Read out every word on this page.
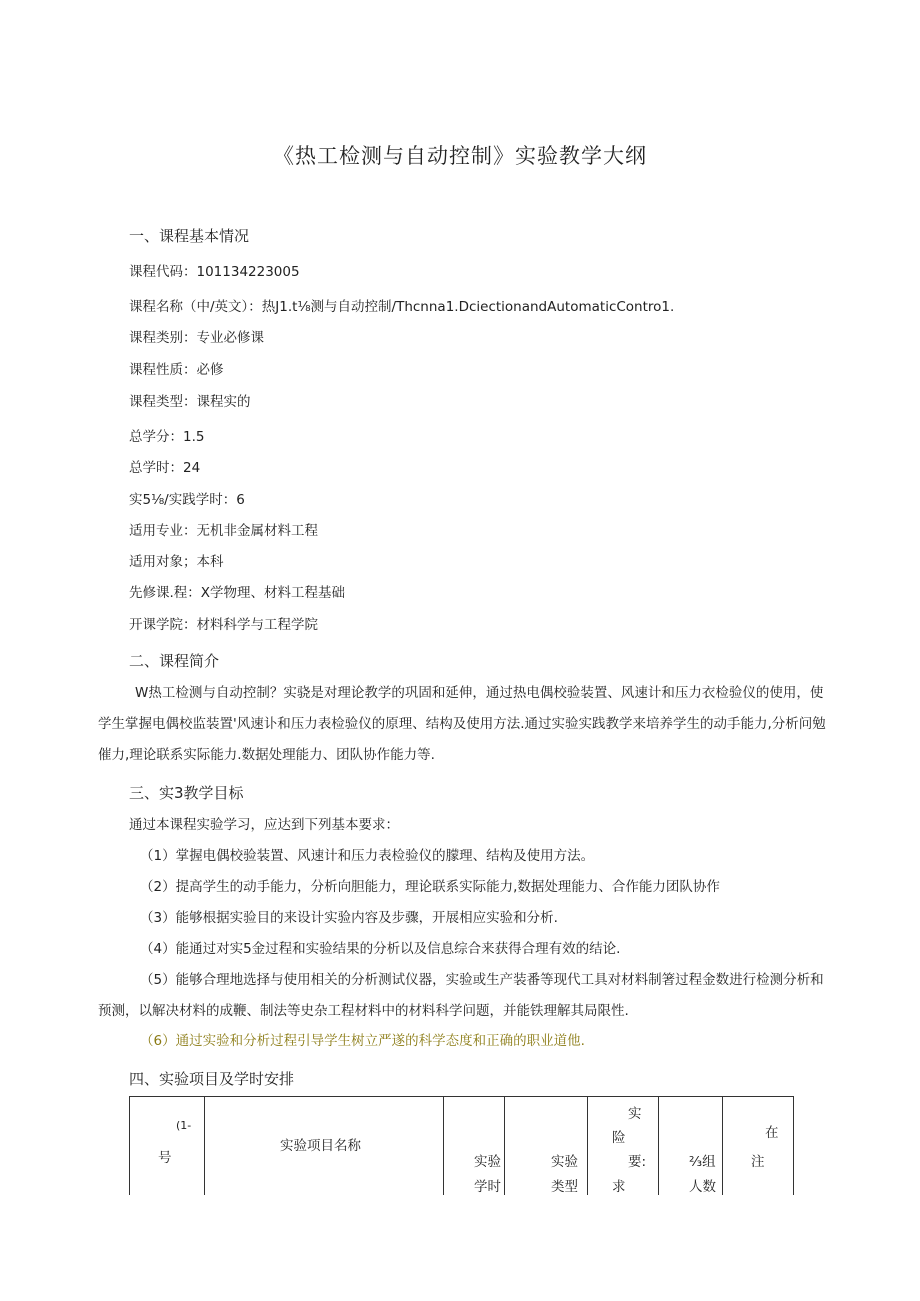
《热工检测与自动控制》实验教学大纲
一、课程基本情况
课程代码：101134223005
课程名称（中/英文）：热J1.t⅛测与自动控制/Thcnna1.DciectionandAutomaticContro1.
课程类别：专业必修课
课程性质：必修
课程类型：课程实的
总学分：1.5
总学时：24
实5⅛/实践学时：6
适用专业：无机非金属材料工程
适用对象；本科
先修课.程：X学物理、材料工程基础
开课学院：材料科学与工程学院
二、课程简介
W热工检测与自动控制？实骁是对理论教学的巩固和延伸，通过热电偶校验装置、风速计和压力衣检验仪的使用，使学生掌握电偶校监装置'风速讣和压力表检验仪的原理、结构及使用方法.通过实验实践教学来培养学生的动手能力,分析问勉催力,理论联系实际能力.数据处理能力、团队协作能力等.
三、实3教学目标
通过本课程实验学习，应达到下列基本要求：
（1）掌握电偶校验装置、风速计和压力表检验仪的朦理、结构及使用方法。
（2）提高学生的动手能力，分析向胆能力，理论联系实际能力,数据处理能力、合作能力团队协作
（3）能够根据实验目的来设计实验内容及步骤，开展相应实验和分析.
（4）能通过对实5金过程和实验结果的分析以及信息综合来获得合理有效的结论.
（5）能够合理地选择与使用相关的分析测试仪器，实验或生产装番等现代工具对材料制箸过程金数进行检测分析和预测，以解决材料的成鞭、制法等史杂工程材料中的材料科学问题，并能铁理解其局限性.
（6）通过实验和分析过程引导学生树立严遂的科学态度和正确的职业道他.
四、实验项目及学时安排
(1-
号

实验项目名称

实验
学时

实验
类型

实
险
要:
求

⅔组
人数

在
注
